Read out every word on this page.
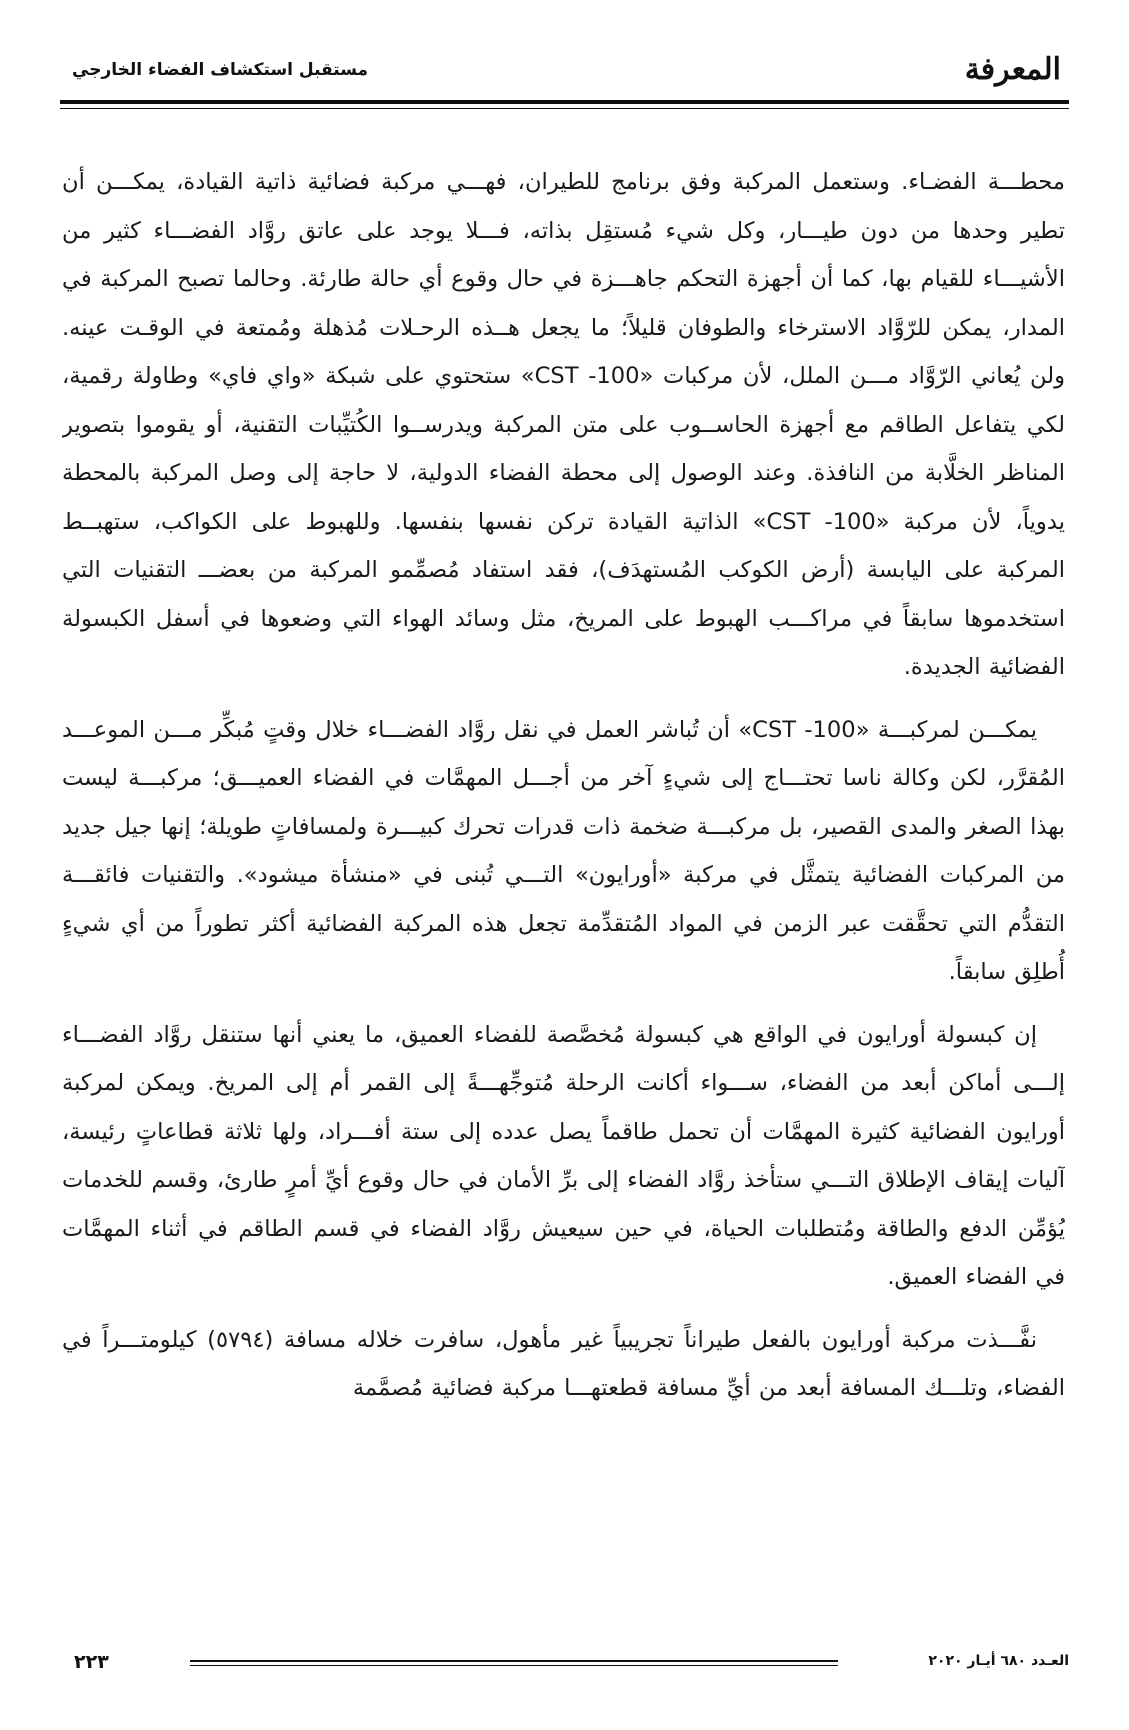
المعرفة
مستقبل استكشاف الفضاء الخارجي

محطـــة الفضـاء. وستعمل المركبة وفق برنامج للطيران، فهـــي مركبة فضائية ذاتية القيادة، يمكـــن أن تطير وحدها من دون طيـــار، وكل شيء مُستقِل بذاته، فـــلا يوجد على عاتق روَّاد الفضـــاء كثير من الأشيـــاء للقيام بها، كما أن أجهزة التحكم جاهـــزة في حال وقوع أي حالة طارئة. وحالما تصبح المركبة في المدار، يمكن للرّوَّاد الاسترخاء والطوفان قليلاً؛ ما يجعل هــذه الرحـلات مُذهلة ومُمتعة في الوقـت عينه. ولن يُعاني الرّوَّاد مـــن الملل، لأن مركبات «CST -100» ستحتوي على شبكة «واي فاي» وطاولة رقمية، لكي يتفاعل الطاقم مع أجهزة الحاســوب على متن المركبة ويدرســوا الكُتيِّبات التقنية، أو يقوموا بتصوير المناظر الخلَّابة من النافذة. وعند الوصول إلى محطة الفضاء الدولية، لا حاجة إلى وصل المركبة بالمحطة يدوياً، لأن مركبة «CST -100» الذاتية القيادة تركن نفسها بنفسها. وللهبوط على الكواكب، ستهبــط المركبة على اليابسة (أرض الكوكب المُستهدَف)، فقد استفاد مُصمِّمو المركبة من بعضـــ التقنيات التي استخدموها سابقاً في مراكـــب الهبوط على المريخ، مثل وسائد الهواء التي وضعوها في أسفل الكبسولة الفضائية الجديدة.

يمكـــن لمركبـــة «CST -100» أن تُباشر العمل في نقل روَّاد الفضـــاء خلال وقتٍ مُبكِّر مـــن الموعـــد المُقرَّر، لكن وكالة ناسا تحتـــاج إلى شيءٍ آخر من أجـــل المهمَّات في الفضاء العميـــق؛ مركبـــة ليست بهذا الصغر والمدى القصير، بل مركبـــة ضخمة ذات قدرات تحرك كبيـــرة ولمسافاتٍ طويلة؛ إنها جيل جديد من المركبات الفضائية يتمثَّل في مركبة «أورايون» التـــي تُبنى في «منشأة ميشود». والتقنيات فائقـــة التقدُّم التي تحقَّقت عبر الزمن في المواد المُتقدِّمة تجعل هذه المركبة الفضائية أكثر تطوراً من أي شيءٍ أُطلِق سابقاً.

إن كبسولة أورايون في الواقع هي كبسولة مُخصَّصة للفضاء العميق، ما يعني أنها ستنقل روَّاد الفضـــاء إلـــى أماكن أبعد من الفضاء، ســـواء أكانت الرحلة مُتوجِّهـــةً إلى القمر أم إلى المريخ. ويمكن لمركبة أورايون الفضائية كثيرة المهمَّات أن تحمل طاقماً يصل عدده إلى ستة أفـــراد، ولها ثلاثة قطاعاتٍ رئيسة، آليات إيقاف الإطلاق التـــي ستأخذ روَّاد الفضاء إلى برِّ الأمان في حال وقوع أيِّ أمرٍ طارئ، وقسم للخدمات يُؤمِّن الدفع والطاقة ومُتطلبات الحياة، في حين سيعيش روَّاد الفضاء في قسم الطاقم في أثناء المهمَّات في الفضاء العميق.

نفَّـــذت مركبة أورايون بالفعل طيراناً تجريبياً غير مأهول، سافرت خلاله مسافة (٥٧٩٤) كيلومتـــراً في الفضاء، وتلـــك المسافة أبعد من أيِّ مسافة قطعتهـــا مركبة فضائية مُصمَّمة

العـدد ٦٨٠ أيـار ٢٠٢٠
٢٢٣
